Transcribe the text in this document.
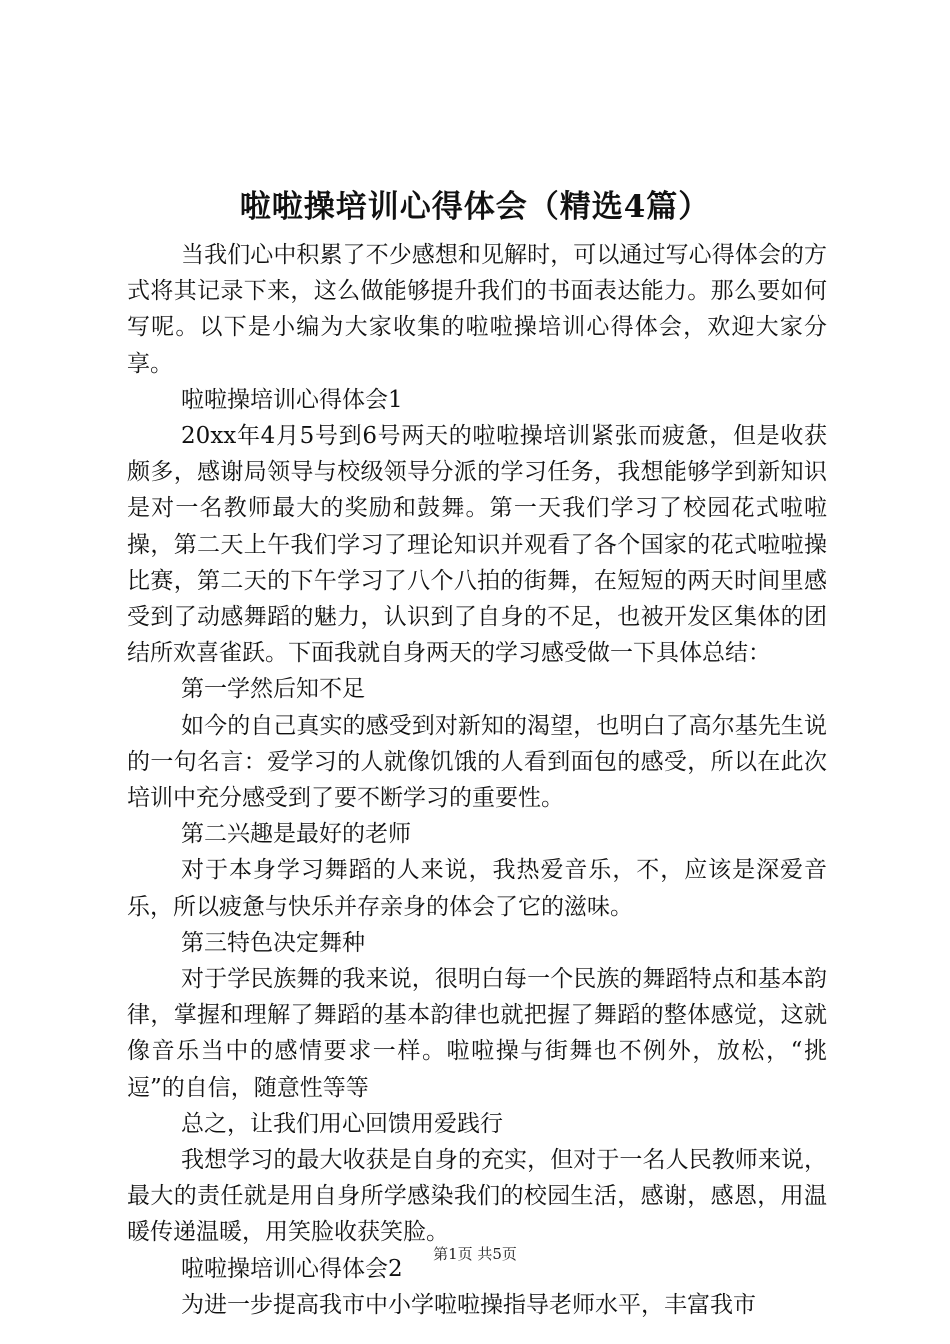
啦啦操培训心得体会（精选4篇）

当我们心中积累了不少感想和见解时，可以通过写心得体会的方式将其记录下来，这么做能够提升我们的书面表达能力。那么要如何写呢。以下是小编为大家收集的啦啦操培训心得体会，欢迎大家分享。

啦啦操培训心得体会1

20xx年4月5号到6号两天的啦啦操培训紧张而疲惫，但是收获颇多，感谢局领导与校级领导分派的学习任务，我想能够学到新知识是对一名教师最大的奖励和鼓舞。第一天我们学习了校园花式啦啦操，第二天上午我们学习了理论知识并观看了各个国家的花式啦啦操比赛，第二天的下午学习了八个八拍的街舞，在短短的两天时间里感受到了动感舞蹈的魅力，认识到了自身的不足，也被开发区集体的团结所欢喜雀跃。下面我就自身两天的学习感受做一下具体总结：

第一学然后知不足

如今的自己真实的感受到对新知的渴望，也明白了高尔基先生说的一句名言：爱学习的人就像饥饿的人看到面包的感受，所以在此次培训中充分感受到了要不断学习的重要性。

第二兴趣是最好的老师

对于本身学习舞蹈的人来说，我热爱音乐，不，应该是深爱音乐，所以疲惫与快乐并存亲身的体会了它的滋味。

第三特色决定舞种

对于学民族舞的我来说，很明白每一个民族的舞蹈特点和基本韵律，掌握和理解了舞蹈的基本韵律也就把握了舞蹈的整体感觉，这就像音乐当中的感情要求一样。啦啦操与街舞也不例外，放松，“挑逗”的自信，随意性等等

总之，让我们用心回馈用爱践行

我想学习的最大收获是自身的充实，但对于一名人民教师来说，最大的责任就是用自身所学感染我们的校园生活，感谢，感恩，用温暖传递温暖，用笑脸收获笑脸。

啦啦操培训心得体会2

为进一步提高我市中小学啦啦操指导老师水平，丰富我市

第1页 共5页
